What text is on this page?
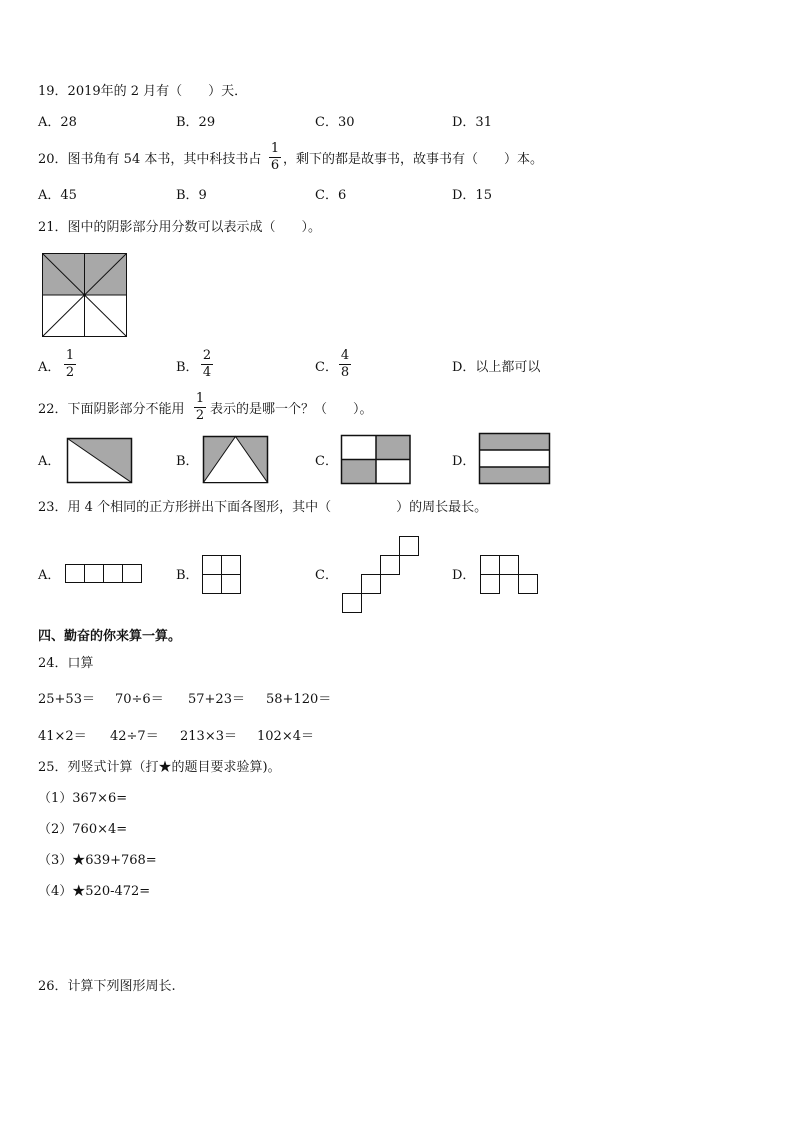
19．2019年的 2 月有（　　）天．
A．28	B．29	C．30	D．31
20．图书角有 54 本书，其中科技书占
1
6 ，剩下的都是故事书，故事书有（　　）本。
A．45	B．9	C．6	D．15
21．图中的阴影部分用分数可以表示成（　　）。
A．
1
2	B．
2
4	C．
4
8	D．以上都可以
22．下面阴影部分不能用
1
2 表示的是哪一个？（　　）。
A．	B．	C．	D．
23．用 4 个相同的正方形拼出下面各图形，其中（　　　　　）的周长最长。
A．	B．	C．	D．
四、勤奋的你来算一算。
24．口算
25+53＝ 70÷6＝ 57+23＝ 58+120＝
41×2＝ 42÷7＝ 213×3＝ 102×4＝
25．列竖式计算（打★的题目要求验算)。
（1）367×6=
（2）760×4=
（3）★639+768=
（4）★520-472=
26．计算下列图形周长.
